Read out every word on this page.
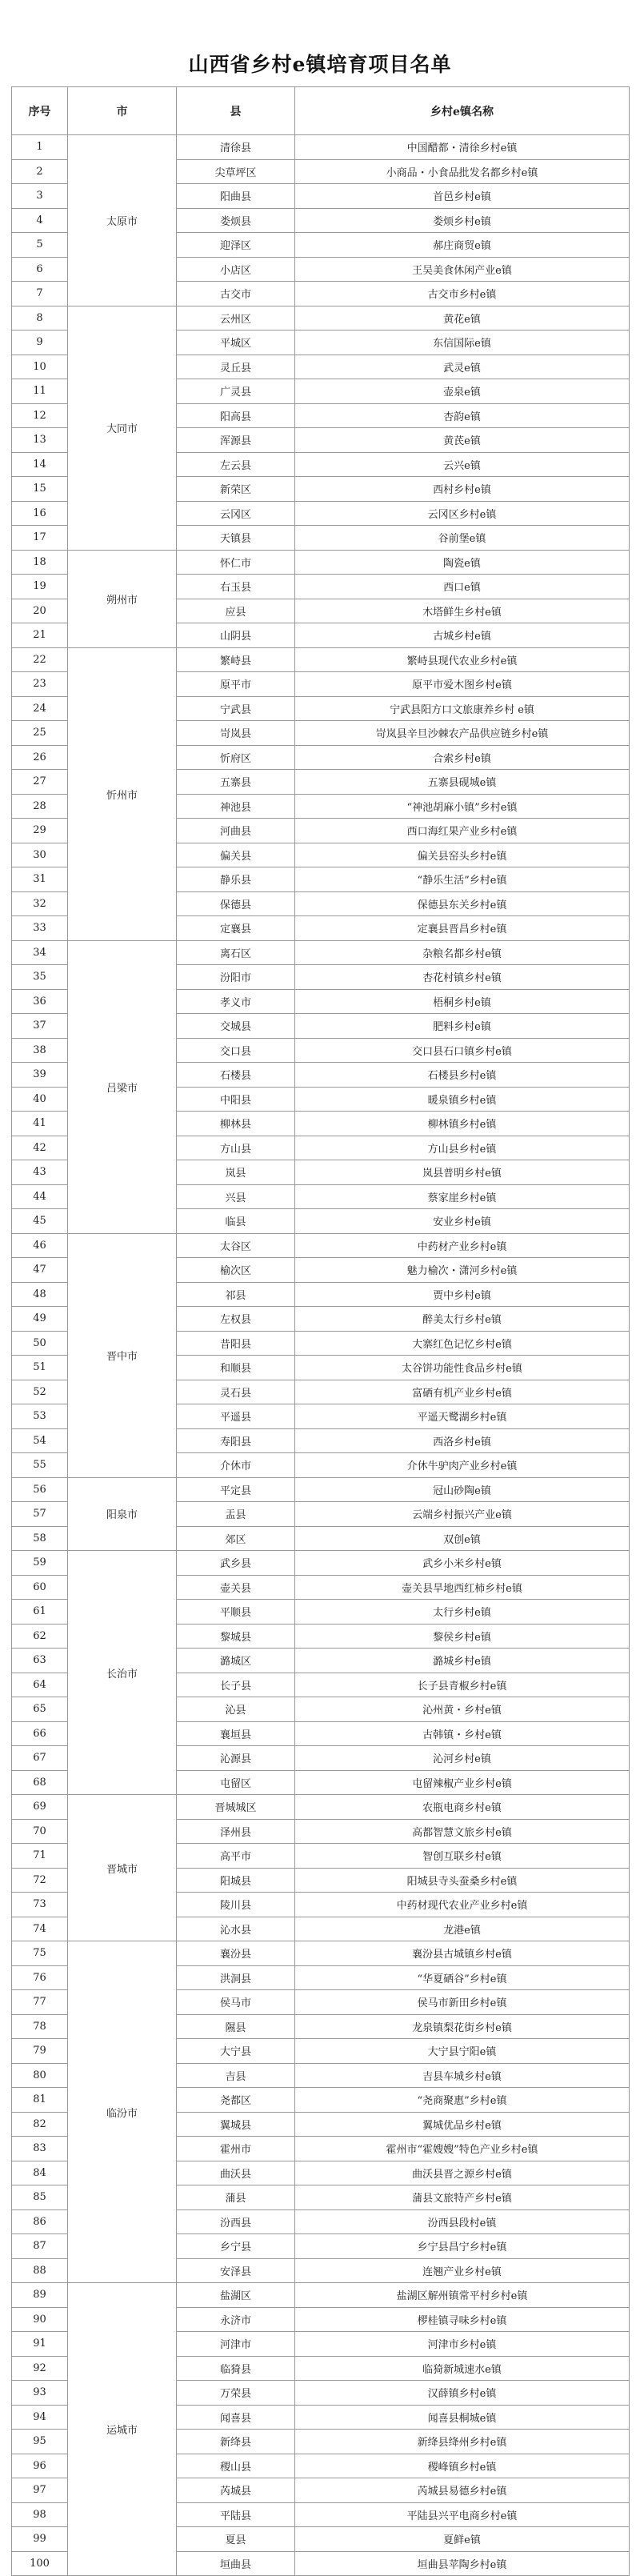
山西省乡村e镇培育项目名单
序号	市	县	乡村e镇名称
1	太原市	清徐县	中国醋都・清徐乡村e镇
2		尖草坪区	小商品・小食品批发名都乡村e镇
3		阳曲县	首邑乡村e镇
4		娄烦县	娄烦乡村e镇
5		迎泽区	郝庄商贸e镇
6		小店区	王吴美食休闲产业e镇
7		古交市	古交市乡村e镇
8	大同市	云州区	黄花e镇
9		平城区	东信国际e镇
10		灵丘县	武灵e镇
11		广灵县	壶泉e镇
12		阳高县	杏韵e镇
13		浑源县	黄芪e镇
14		左云县	云兴e镇
15		新荣区	西村乡村e镇
16		云冈区	云冈区乡村e镇
17		天镇县	谷前堡e镇
18	朔州市	怀仁市	陶瓷e镇
19		右玉县	西口e镇
20		应县	木塔鲜生乡村e镇
21		山阴县	古城乡村e镇
22	忻州市	繁峙县	繁峙县现代农业乡村e镇
23		原平市	原平市爱木图乡村e镇
24		宁武县	宁武县阳方口文旅康养乡村 e镇
25		岢岚县	岢岚县辛旦沙棘农产品供应链乡村e镇
26		忻府区	合索乡村e镇
27		五寨县	五寨县砚城e镇
28		神池县	“神池胡麻小镇”乡村e镇
29		河曲县	西口海红果产业乡村e镇
30		偏关县	偏关县窑头乡村e镇
31		静乐县	“静乐生活”乡村e镇
32		保德县	保德县东关乡村e镇
33		定襄县	定襄县晋昌乡村e镇
34	吕梁市	离石区	杂粮名都乡村e镇
35		汾阳市	杏花村镇乡村e镇
36		孝义市	梧桐乡村e镇
37		交城县	肥料乡村e镇
38		交口县	交口县石口镇乡村e镇
39		石楼县	石楼县乡村e镇
40		中阳县	暖泉镇乡村e镇
41		柳林县	柳林镇乡村e镇
42		方山县	方山县乡村e镇
43		岚县	岚县普明乡村e镇
44		兴县	蔡家崖乡村e镇
45		临县	安业乡村e镇
46	晋中市	太谷区	中药材产业乡村e镇
47		榆次区	魅力榆次・潇河乡村e镇
48		祁县	贾中乡村e镇
49		左权县	醉美太行乡村e镇
50		昔阳县	大寨红色记忆乡村e镇
51		和顺县	太谷饼功能性食品乡村e镇
52		灵石县	富硒有机产业乡村e镇
53		平遥县	平遥天鹭湖乡村e镇
54		寿阳县	西洛乡村e镇
55		介休市	介休牛驴肉产业乡村e镇
56	阳泉市	平定县	冠山砂陶e镇
57		盂县	云端乡村振兴产业e镇
58		郊区	双创e镇
59	长治市	武乡县	武乡小米乡村e镇
60		壶关县	壶关县旱地西红柿乡村e镇
61		平顺县	太行乡村e镇
62		黎城县	黎侯乡村e镇
63		潞城区	潞城乡村e镇
64		长子县	长子县青椒乡村e镇
65		沁县	沁州黄・乡村e镇
66		襄垣县	古韩镇・乡村e镇
67		沁源县	沁河乡村e镇
68		屯留区	屯留辣椒产业乡村e镇
69	晋城市	晋城城区	农瓶电商乡村e镇
70		泽州县	高都智慧文旅乡村e镇
71		高平市	智创互联乡村e镇
72		阳城县	阳城县寺头蚕桑乡村e镇
73		陵川县	中药材现代农业产业乡村e镇
74		沁水县	龙港e镇
75	临汾市	襄汾县	襄汾县古城镇乡村e镇
76		洪洞县	“华夏硒谷”乡村e镇
77		侯马市	侯马市新田乡村e镇
78		隰县	龙泉镇梨花街乡村e镇
79		大宁县	大宁县宁阳e镇
80		吉县	吉县车城乡村e镇
81		尧都区	“尧商聚惠”乡村e镇
82		翼城县	翼城优品乡村e镇
83		霍州市	霍州市“霍嫂嫂”特色产业乡村e镇
84		曲沃县	曲沃县晋之源乡村e镇
85		蒲县	蒲县文旅特产乡村e镇
86		汾西县	汾西县段村e镇
87		乡宁县	乡宁县昌宁乡村e镇
88		安泽县	连翘产业乡村e镇
89	运城市	盐湖区	盐湖区解州镇常平村乡村e镇
90		永济市	椤桂镇寻味乡村e镇
91		河津市	河津市乡村e镇
92		临猗县	临猗新城速水e镇
93		万荣县	汉薛镇乡村e镇
94		闻喜县	闻喜县桐城e镇
95		新绛县	新绛县绛州乡村e镇
96		稷山县	稷峰镇乡村e镇
97		芮城县	芮城县易德乡村e镇
98		平陆县	平陆县兴平电商乡村e镇
99		夏县	夏鲜e镇
100		垣曲县	垣曲县苹陶乡村e镇
